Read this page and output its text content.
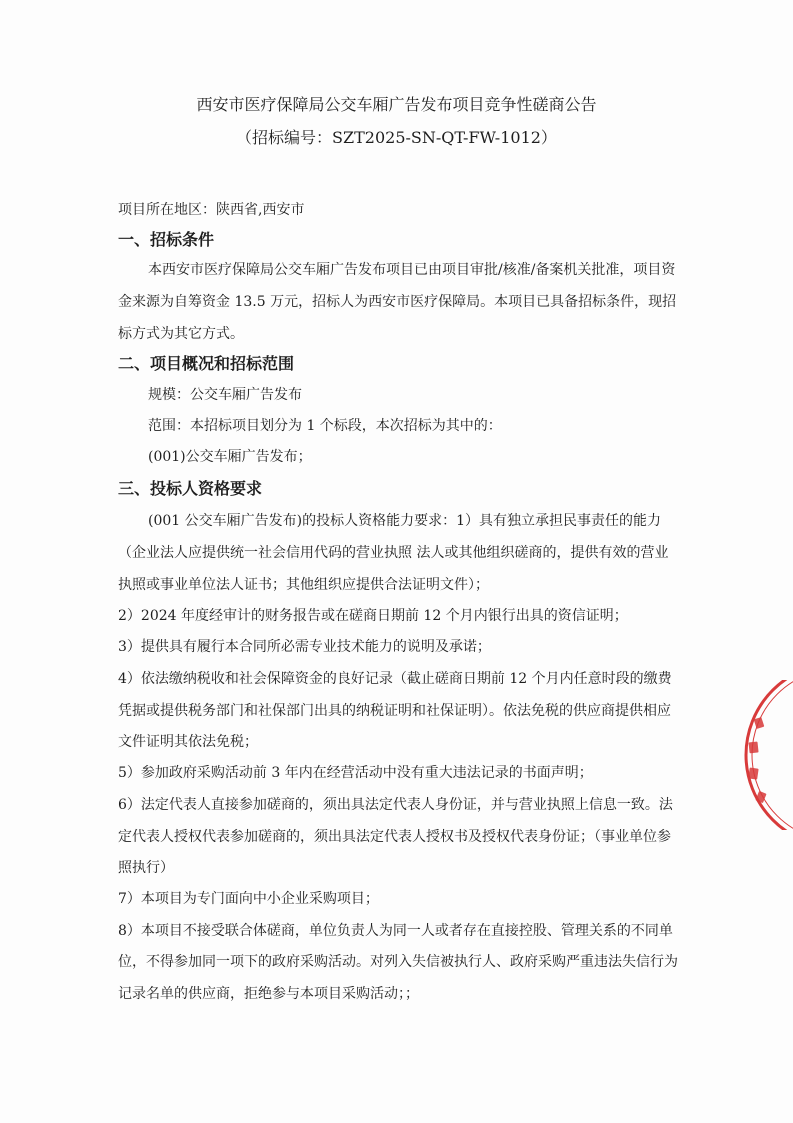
西安市医疗保障局公交车厢广告发布项目竞争性磋商公告
（招标编号：SZT2025-SN-QT-FW-1012）
项目所在地区：陕西省,西安市
一、招标条件
本西安市医疗保障局公交车厢广告发布项目已由项目审批/核准/备案机关批准，项目资
金来源为自筹资金 13.5 万元，招标人为西安市医疗保障局。本项目已具备招标条件，现招
标方式为其它方式。
二、项目概况和招标范围
规模：公交车厢广告发布
范围：本招标项目划分为 1 个标段，本次招标为其中的：
(001)公交车厢广告发布；
三、投标人资格要求
(001 公交车厢广告发布)的投标人资格能力要求：1）具有独立承担民事责任的能力
（企业法人应提供统一社会信用代码的营业执照 法人或其他组织磋商的，提供有效的营业
执照或事业单位法人证书；其他组织应提供合法证明文件）；
2）2024 年度经审计的财务报告或在磋商日期前 12 个月内银行出具的资信证明；
3）提供具有履行本合同所必需专业技术能力的说明及承诺；
4）依法缴纳税收和社会保障资金的良好记录（截止磋商日期前 12 个月内任意时段的缴费
凭据或提供税务部门和社保部门出具的纳税证明和社保证明）。依法免税的供应商提供相应
文件证明其依法免税；
5）参加政府采购活动前 3 年内在经营活动中没有重大违法记录的书面声明；
6）法定代表人直接参加磋商的，须出具法定代表人身份证，并与营业执照上信息一致。法
定代表人授权代表参加磋商的，须出具法定代表人授权书及授权代表身份证；（事业单位参
照执行）
7）本项目为专门面向中小企业采购项目；
8）本项目不接受联合体磋商，单位负责人为同一人或者存在直接控股、管理关系的不同单
位，不得参加同一项下的政府采购活动。对列入失信被执行人、政府采购严重违法失信行为
记录名单的供应商，拒绝参与本项目采购活动；；
